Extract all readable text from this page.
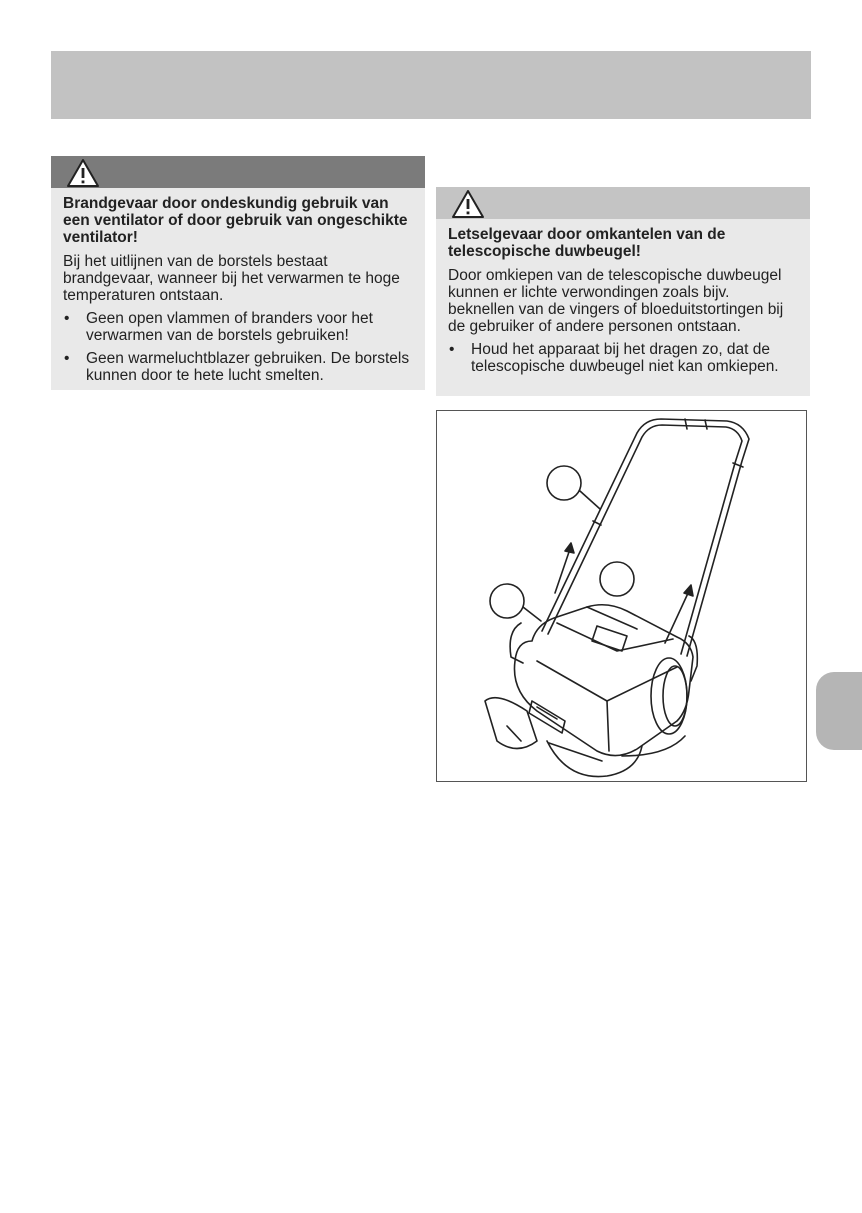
Brandgevaar door ondeskundig gebruik van een ventilator of door gebruik van ongeschikte ventilator!

Bij het uitlijnen van de borstels bestaat brandgevaar, wanneer bij het verwarmen te hoge temperaturen ontstaan.

• Geen open vlammen of branders voor het verwarmen van de borstels gebruiken!
• Geen warmeluchtblazer gebruiken. De borstels kunnen door te hete lucht smelten.

Letselgevaar door omkantelen van de telescopische duwbeugel!

Door omkiepen van de telescopische duwbeugel kunnen er lichte verwondingen zoals bijv. beknellen van de vingers of bloeduitstortingen bij de gebruiker of andere personen ontstaan.

• Houd het apparaat bij het dragen zo, dat de telescopische duwbeugel niet kan omkiepen.
